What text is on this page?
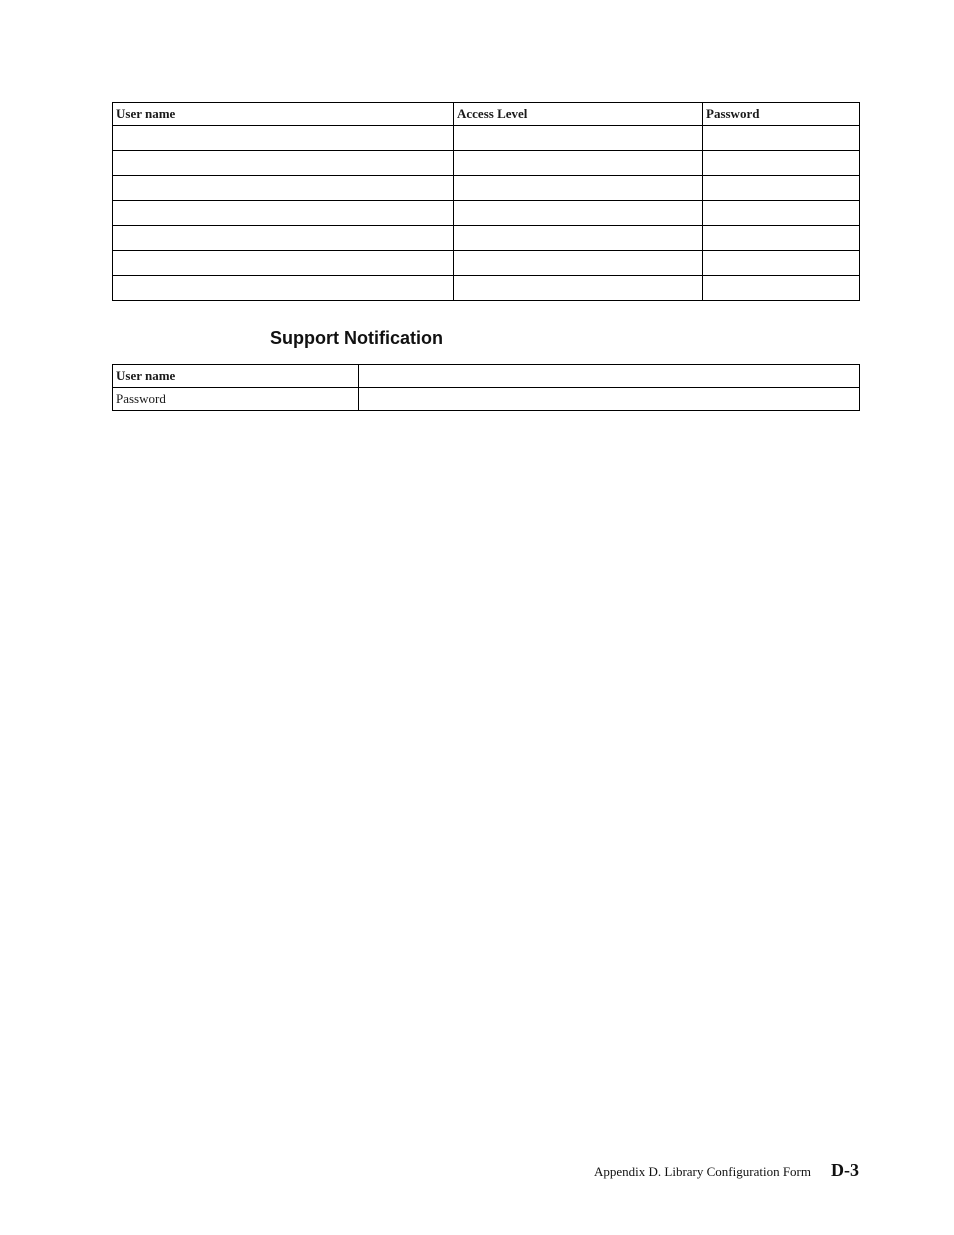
User name	Access Level	Password

Support Notification
User name	
Password	
Appendix D. Library Configuration Form D-3
